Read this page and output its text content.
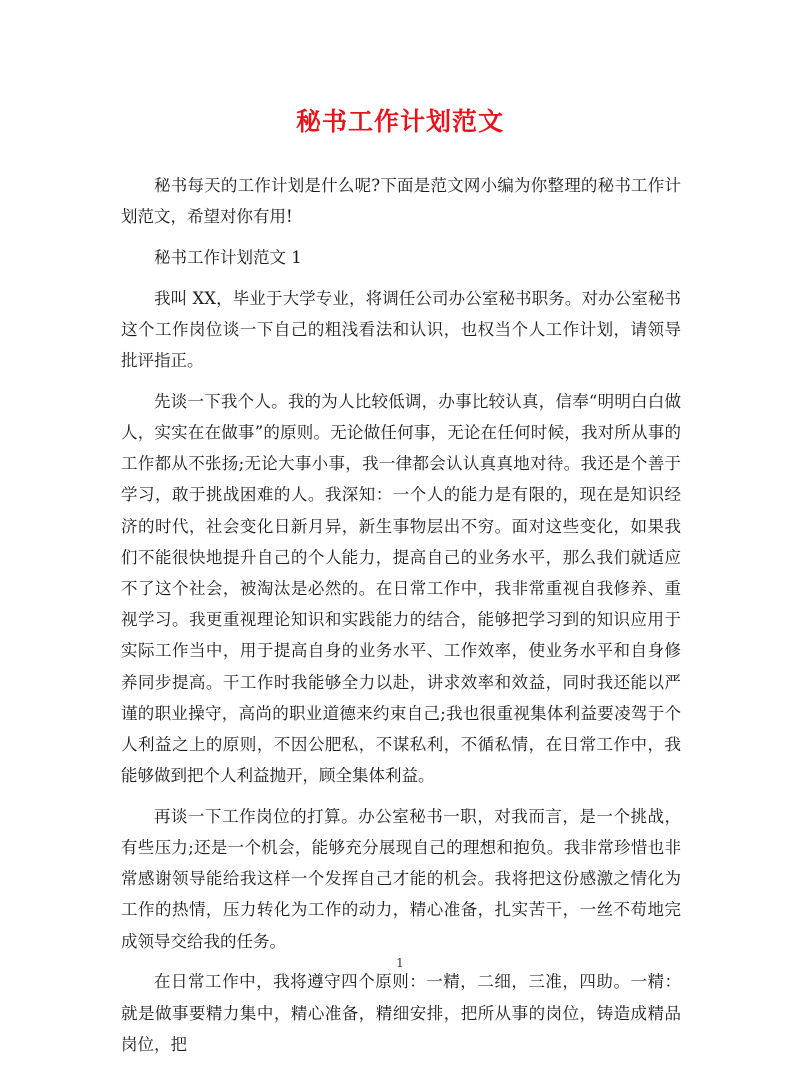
秘书工作计划范文

秘书每天的工作计划是什么呢?下面是范文网小编为你整理的秘书工作计划范文，希望对你有用!

秘书工作计划范文 1

我叫 XX，毕业于大学专业，将调任公司办公室秘书职务。对办公室秘书这个工作岗位谈一下自己的粗浅看法和认识，也权当个人工作计划，请领导批评指正。

先谈一下我个人。我的为人比较低调，办事比较认真，信奉“明明白白做人，实实在在做事”的原则。无论做任何事，无论在任何时候，我对所从事的工作都从不张扬;无论大事小事，我一律都会认认真真地对待。我还是个善于学习，敢于挑战困难的人。我深知：一个人的能力是有限的，现在是知识经济的时代，社会变化日新月异，新生事物层出不穷。面对这些变化，如果我们不能很快地提升自己的个人能力，提高自己的业务水平，那么我们就适应不了这个社会，被淘汰是必然的。在日常工作中，我非常重视自我修养、重视学习。我更重视理论知识和实践能力的结合，能够把学习到的知识应用于实际工作当中，用于提高自身的业务水平、工作效率，使业务水平和自身修养同步提高。干工作时我能够全力以赴，讲求效率和效益，同时我还能以严谨的职业操守，高尚的职业道德来约束自己;我也很重视集体利益要凌驾于个人利益之上的原则，不因公肥私，不谋私利，不循私情，在日常工作中，我能够做到把个人利益抛开，顾全集体利益。

再谈一下工作岗位的打算。办公室秘书一职，对我而言，是一个挑战，有些压力;还是一个机会，能够充分展现自己的理想和抱负。我非常珍惜也非常感谢领导能给我这样一个发挥自己才能的机会。我将把这份感激之情化为工作的热情，压力转化为工作的动力，精心准备，扎实苦干，一丝不苟地完成领导交给我的任务。

在日常工作中，我将遵守四个原则：一精，二细，三准，四助。一精：就是做事要精力集中，精心准备，精细安排，把所从事的岗位，铸造成精品岗位，把

1
